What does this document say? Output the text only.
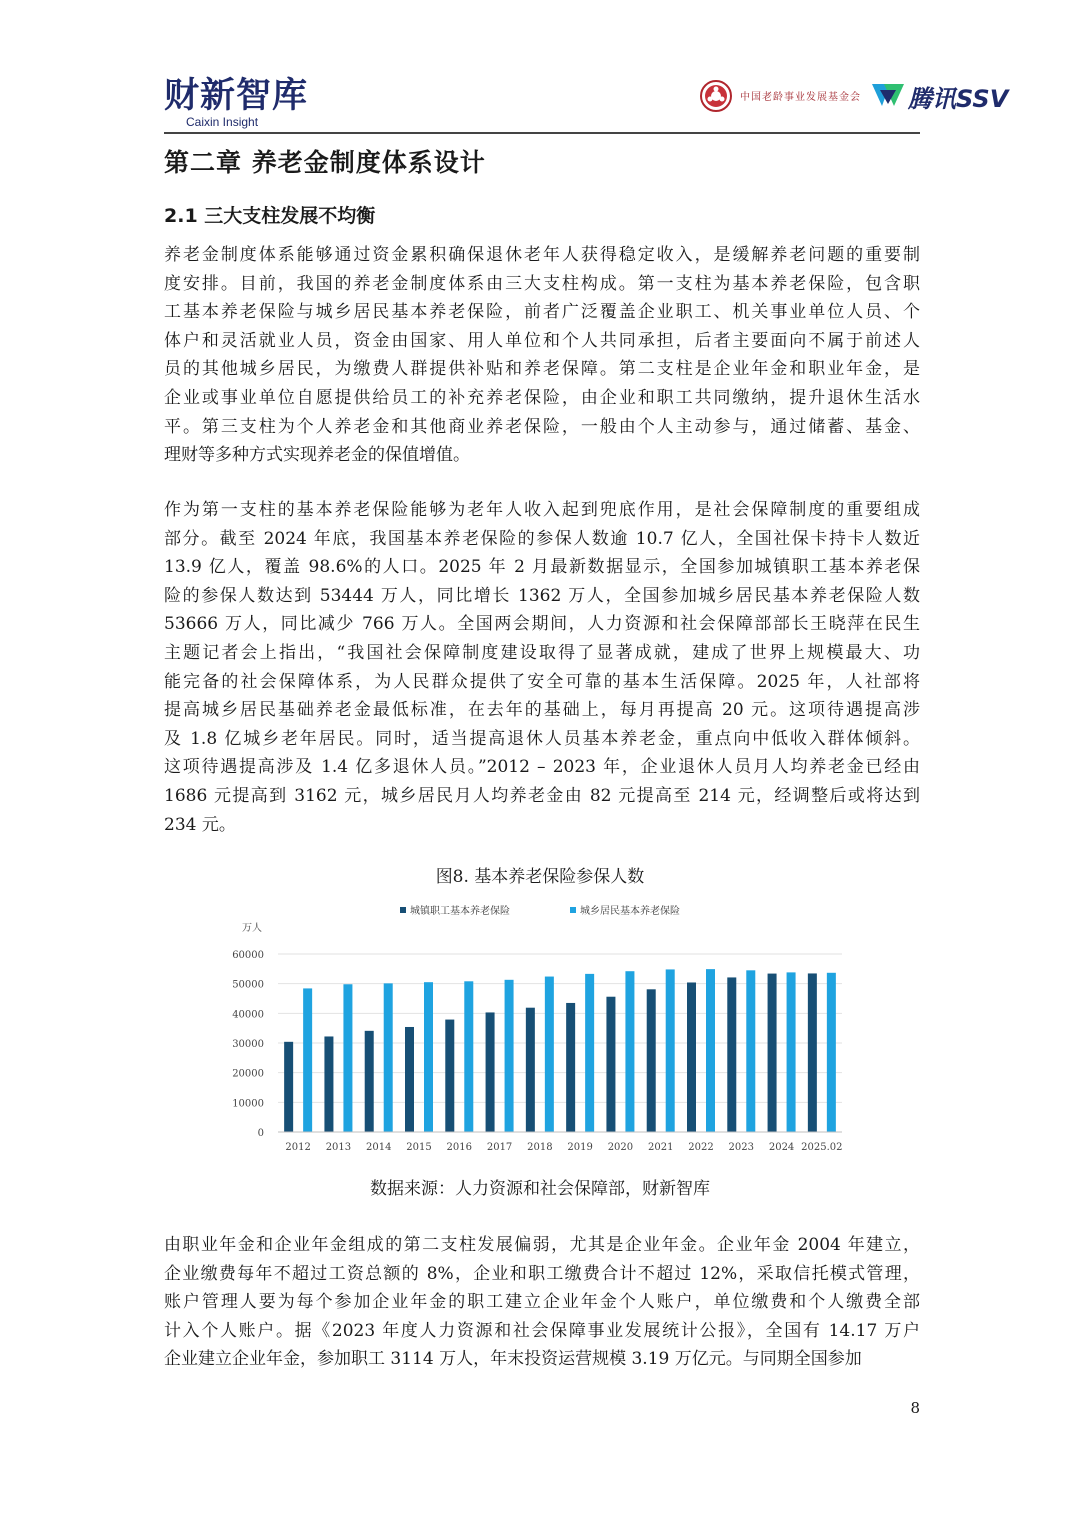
财新智库
Caixin Insight
中国老龄事业发展基金会 腾讯SSV
第二章 养老金制度体系设计
2.1 三大支柱发展不均衡
养老金制度体系能够通过资金累积确保退休老年人获得稳定收入，是缓解养老问题的重要制
度安排。目前，我国的养老金制度体系由三大支柱构成。第一支柱为基本养老保险，包含职
工基本养老保险与城乡居民基本养老保险，前者广泛覆盖企业职工、机关事业单位人员、个
体户和灵活就业人员，资金由国家、用人单位和个人共同承担，后者主要面向不属于前述人
员的其他城乡居民，为缴费人群提供补贴和养老保障。第二支柱是企业年金和职业年金，是
企业或事业单位自愿提供给员工的补充养老保险，由企业和职工共同缴纳，提升退休生活水
平。第三支柱为个人养老金和其他商业养老保险，一般由个人主动参与，通过储蓄、基金、
理财等多种方式实现养老金的保值增值。
作为第一支柱的基本养老保险能够为老年人收入起到兜底作用，是社会保障制度的重要组成
部分。截至 2024 年底，我国基本养老保险的参保人数逾 10.7 亿人，全国社保卡持卡人数近
13.9 亿人，覆盖 98.6%的人口。2025 年 2 月最新数据显示，全国参加城镇职工基本养老保
险的参保人数达到 53444 万人，同比增长 1362 万人，全国参加城乡居民基本养老保险人数
53666 万人，同比减少 766 万人。全国两会期间，人力资源和社会保障部部长王晓萍在民生
主题记者会上指出，“我国社会保障制度建设取得了显著成就，建成了世界上规模最大、功
能完备的社会保障体系，为人民群众提供了安全可靠的基本生活保障。2025 年，人社部将
提高城乡居民基础养老金最低标准，在去年的基础上，每月再提高 20 元。这项待遇提高涉
及 1.8 亿城乡老年居民。同时，适当提高退休人员基本养老金，重点向中低收入群体倾斜。
这项待遇提高涉及 1.4 亿多退休人员。”2012 – 2023 年，企业退休人员月人均养老金已经由
1686 元提高到 3162 元，城乡居民月人均养老金由 82 元提高至 214 元，经调整后或将达到
234 元。
图8. 基本养老保险参保人数
城镇职工基本养老保险	城乡居民基本养老保险
万人
0
10000
20000
30000
40000
50000
60000
2012 2013 2014 2015 2016 2017 2018 2019 2020 2021 2022 2023 2024 2025.02
数据来源：人力资源和社会保障部，财新智库
由职业年金和企业年金组成的第二支柱发展偏弱，尤其是企业年金。企业年金 2004 年建立，
企业缴费每年不超过工资总额的 8%，企业和职工缴费合计不超过 12%，采取信托模式管理，
账户管理人要为每个参加企业年金的职工建立企业年金个人账户，单位缴费和个人缴费全部
计入个人账户。据《2023 年度人力资源和社会保障事业发展统计公报》，全国有 14.17 万户
企业建立企业年金，参加职工 3114 万人，年末投资运营规模 3.19 万亿元。与同期全国参加
8
